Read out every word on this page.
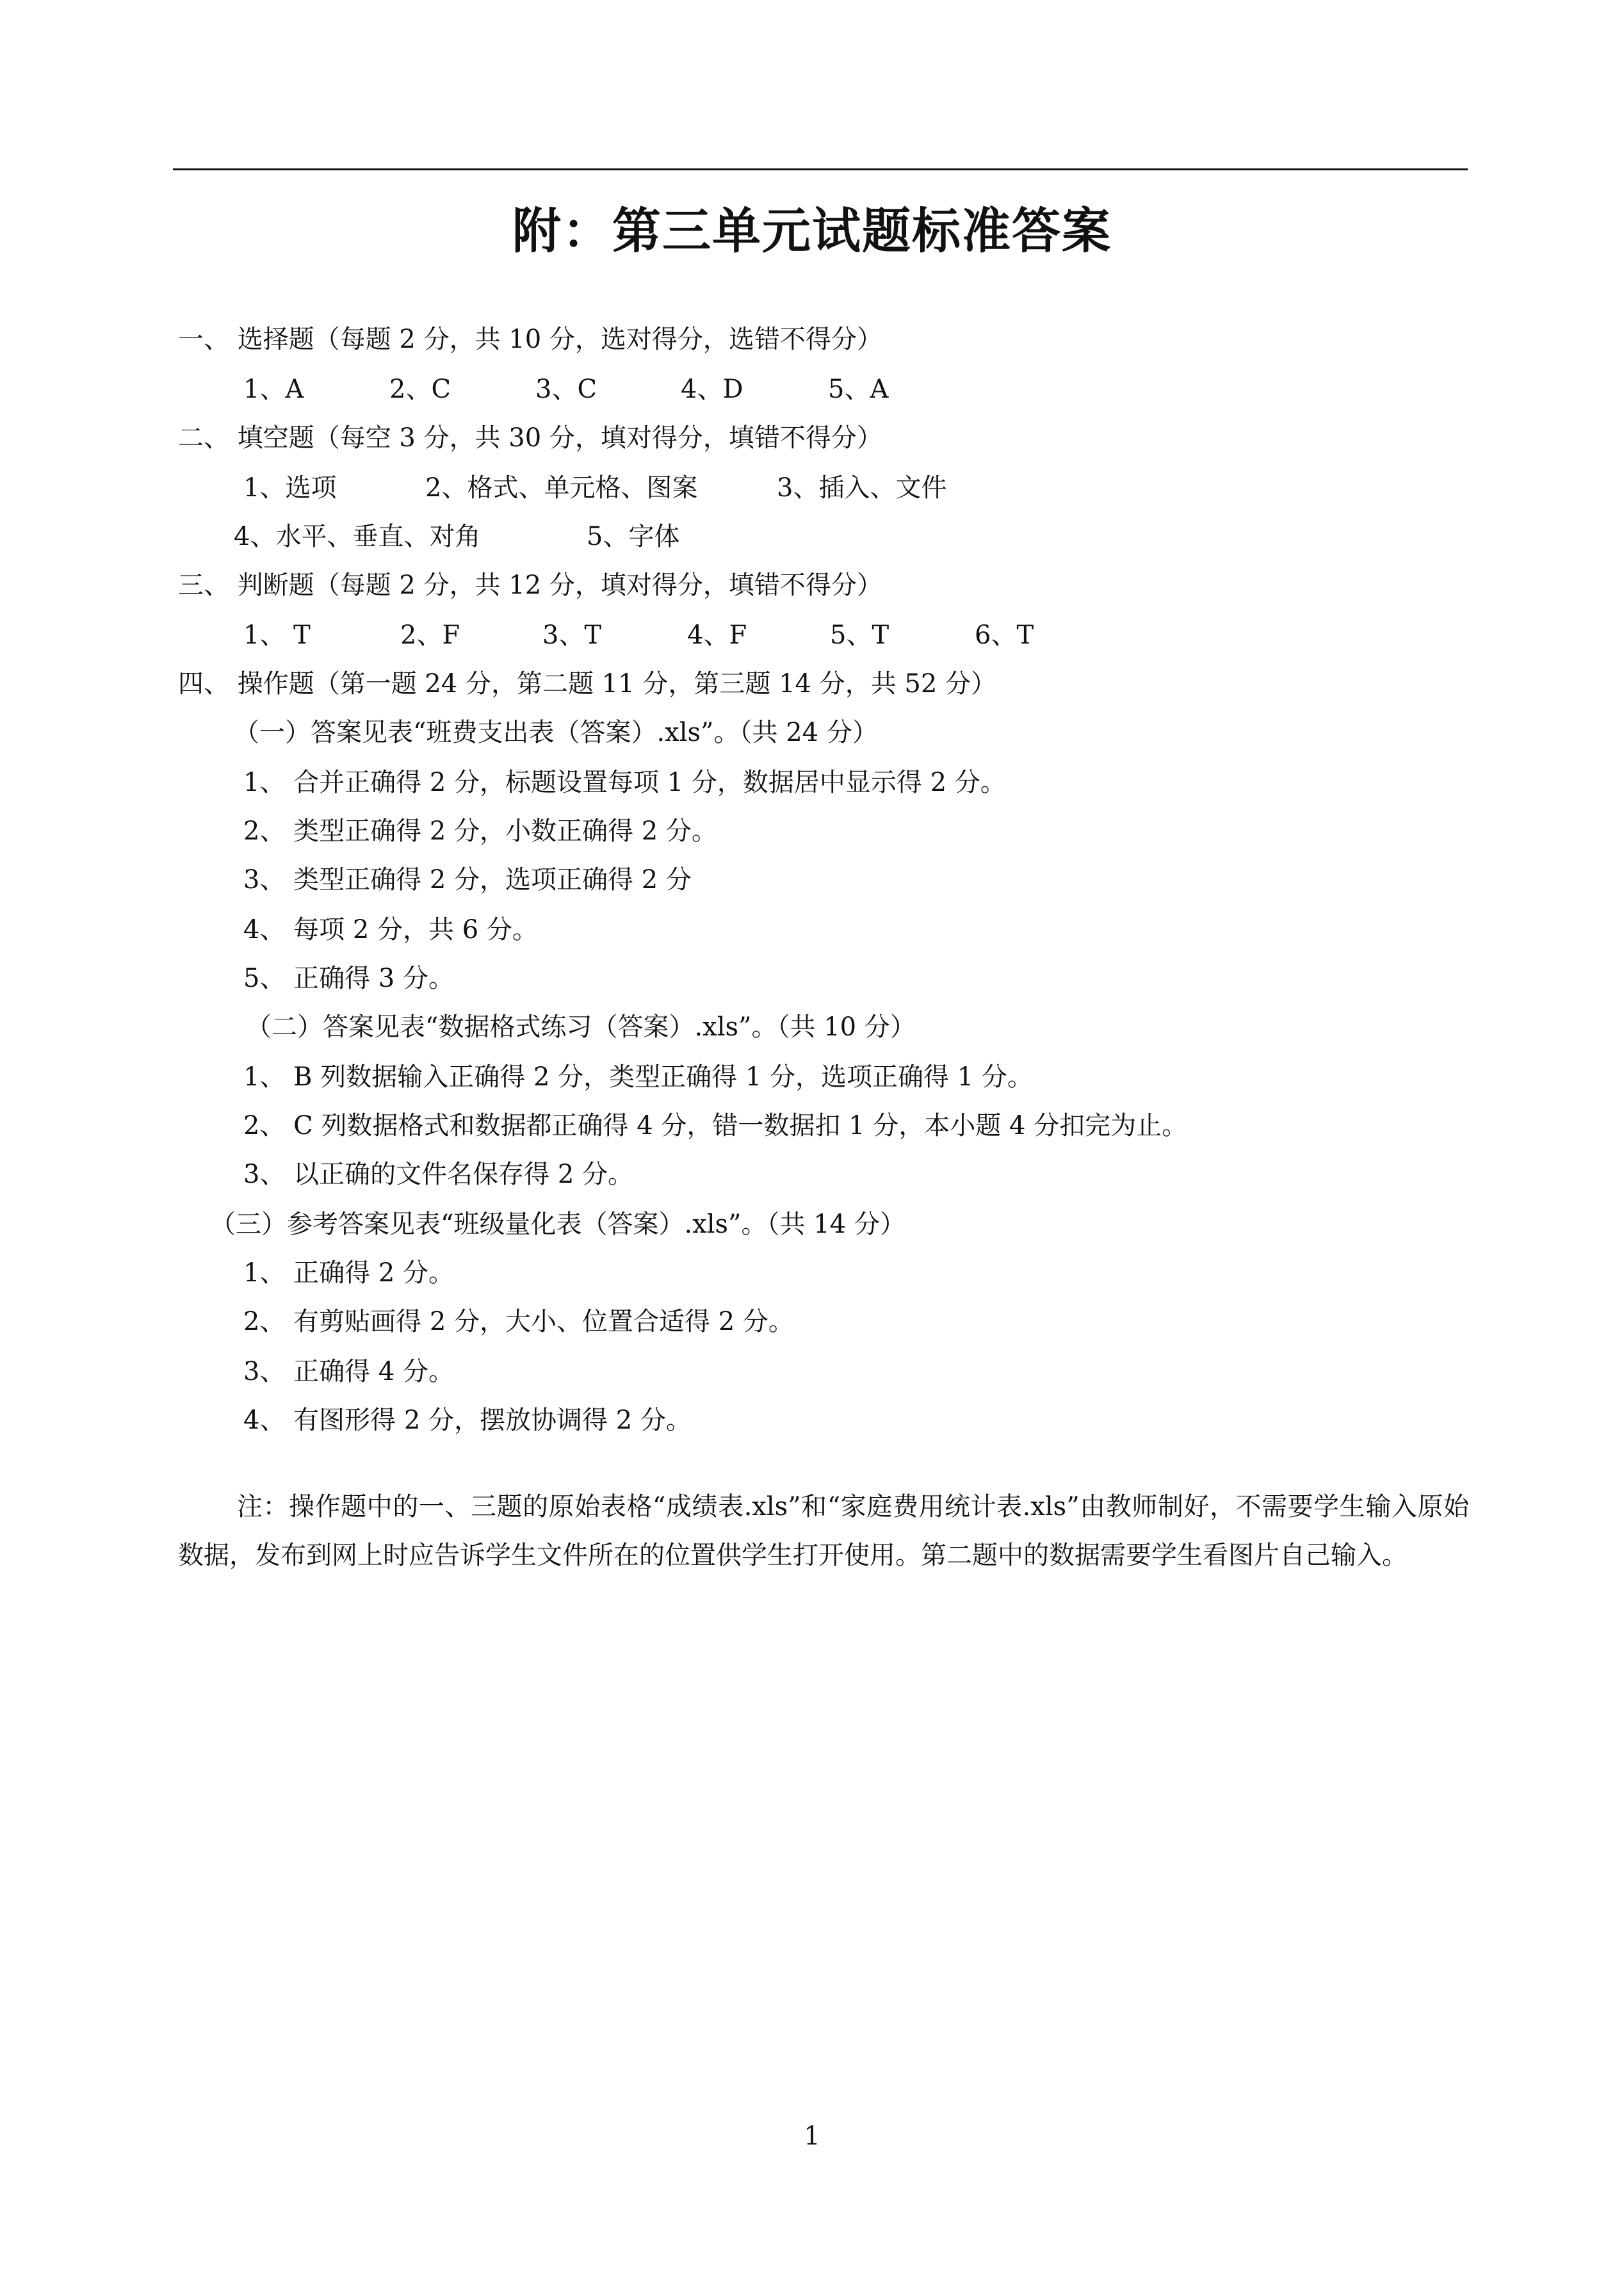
附：第三单元试题标准答案
一、 选择题（每题 2 分，共 10 分，选对得分，选错不得分）
1、A	2、C	3、C	4、D	5、A
二、 填空题（每空 3 分，共 30 分，填对得分，填错不得分）
1、选项	2、格式、单元格、图案	3、插入、文件
4、水平、垂直、对角	5、字体
三、 判断题（每题 2 分，共 12 分，填对得分，填错不得分）
1、 T	2、F	3、T	4、F	5、T	6、T
四、 操作题（第一题 24 分，第二题 11 分，第三题 14 分，共 52 分）
（一）答案见表“班费支出表（答案）.xls”。（共 24 分）
1、 合并正确得 2 分，标题设置每项 1 分，数据居中显示得 2 分。
2、 类型正确得 2 分，小数正确得 2 分。
3、 类型正确得 2 分，选项正确得 2 分
4、 每项 2 分，共 6 分。
5、 正确得 3 分。
（二）答案见表“数据格式练习（答案）.xls”。（共 10 分）
1、 B 列数据输入正确得 2 分，类型正确得 1 分，选项正确得 1 分。
2、 C 列数据格式和数据都正确得 4 分，错一数据扣 1 分，本小题 4 分扣完为止。
3、 以正确的文件名保存得 2 分。
（三）参考答案见表“班级量化表（答案）.xls”。（共 14 分）
1、 正确得 2 分。
2、 有剪贴画得 2 分，大小、位置合适得 2 分。
3、 正确得 4 分。
4、 有图形得 2 分，摆放协调得 2 分。
注：操作题中的一、三题的原始表格“成绩表.xls”和“家庭费用统计表.xls”由教师制好，不需要学生输入原始数据，发布到网上时应告诉学生文件所在的位置供学生打开使用。第二题中的数据需要学生看图片自己输入。
1
